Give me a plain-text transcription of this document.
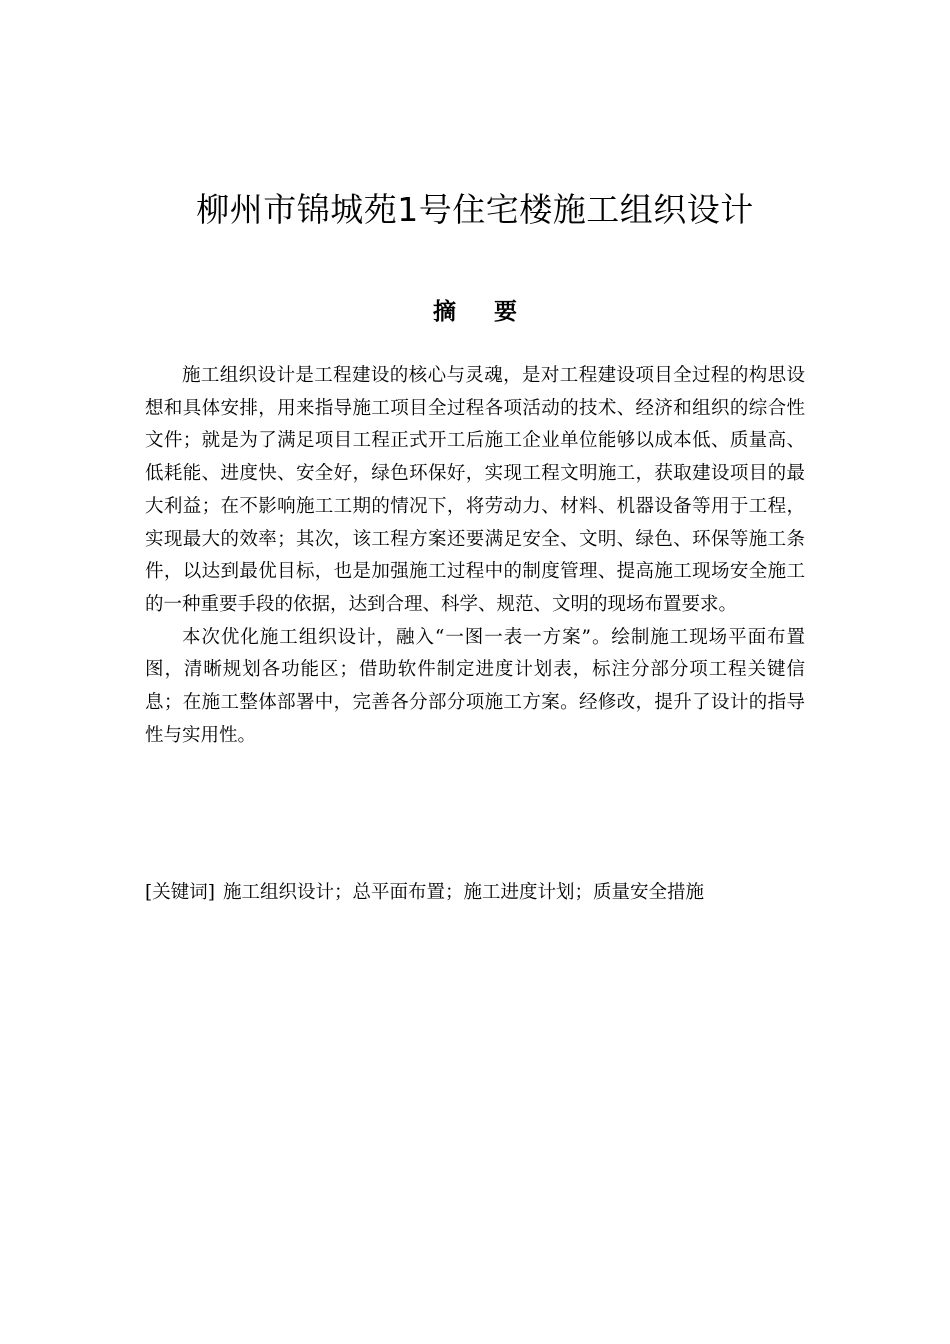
柳州市锦城苑1号住宅楼施工组织设计
摘要

施工组织设计是工程建设的核心与灵魂，是对工程建设项目全过程的构思设想和具体安排，用来指导施工项目全过程各项活动的技术、经济和组织的综合性文件；就是为了满足项目工程正式开工后施工企业单位能够以成本低、质量高、低耗能、进度快、安全好，绿色环保好，实现工程文明施工，获取建设项目的最大利益；在不影响施工工期的情况下，将劳动力、材料、机器设备等用于工程，实现最大的效率；其次，该工程方案还要满足安全、文明、绿色、环保等施工条件，以达到最优目标，也是加强施工过程中的制度管理、提高施工现场安全施工的一种重要手段的依据，达到合理、科学、规范、文明的现场布置要求。

本次优化施工组织设计，融入“一图一表一方案”。绘制施工现场平面布置图，清晰规划各功能区；借助软件制定进度计划表，标注分部分项工程关键信息；在施工整体部署中，完善各分部分项施工方案。经修改，提升了设计的指导性与实用性。

[关键词] 施工组织设计；总平面布置；施工进度计划；质量安全措施
